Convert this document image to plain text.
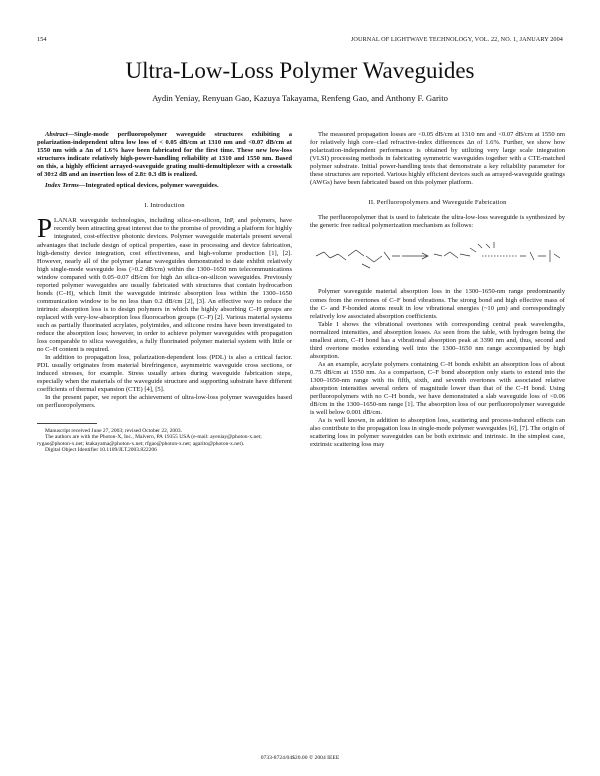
154	JOURNAL OF LIGHTWAVE TECHNOLOGY, VOL. 22, NO. 1, JANUARY 2004
Ultra-Low-Loss Polymer Waveguides
Aydin Yeniay, Renyuan Gao, Kazuya Takayama, Renfeng Gao, and Anthony F. Garito

Abstract—Single-mode perfluoropolymer waveguide structures exhibiting a polarization-independent ultra low loss of < 0.05 dB/cm at 1310 nm and <0.07 dB/cm at 1550 nm with a Δn of 1.6% have been fabricated for the first time. These new low-loss structures indicate relatively high-power-handling reliability at 1310 and 1550 nm. Based on this, a highly efficient arrayed-waveguide grating multi-demultiplexer with a crosstalk of 30±2 dB and an insertion loss of 2.8± 0.3 dB is realized.

Index Terms—Integrated optical devices, polymer waveguides.

I. Introduction

PLANAR waveguide technologies, including silica-on-silicon, InP, and polymers, have recently been attracting great interest due to the promise of providing a platform for highly integrated, cost-effective photonic devices. Polymer waveguide materials present several advantages that include design of optical properties, ease in processing and device fabrication, high-density device integration, cost effectiveness, and high-volume production [1], [2]. However, nearly all of the polymer planar waveguides demonstrated to date exhibit relatively high single-mode waveguide loss (>0.2 dB/cm) within the 1300–1650 nm telecommunications window compared with 0.05–0.07 dB/cm for high Δn silica-on-silicon waveguides. Previously reported polymer waveguides are usually fabricated with structures that contain hydrocarbon bonds (C–H), which limit the waveguide intrinsic absorption loss within the 1300–1650 communication window to be no less than 0.2 dB/cm [2], [3]. An effective way to reduce the intrinsic absorption loss is to design polymers in which the highly absorbing C–H groups are replaced with very-low-absorption loss fluorocarbon groups (C–F) [2]. Various material systems such as partially fluorinated acrylates, polyimides, and silicone resins have been investigated to reduce the absorption loss; however, in order to achieve polymer waveguides with propagation loss comparable to silica waveguides, a fully fluorinated polymer material system with little or no C–H content is required.

In addition to propagation loss, polarization-dependent loss (PDL) is also a critical factor. PDL usually originates from material birefringence, asymmetric waveguide cross sections, or induced stresses, for example. Stress usually arises during waveguide fabrication steps, especially when the materials of the waveguide structure and supporting substrate have different coefficients of thermal expansion (CTE) [4], [5].

In the present paper, we report the achievement of ultra-low-loss polymer waveguides based on perfluoropolymers.

Manuscript received June 27, 2003; revised October 22, 2003.

The authors are with the Photon-X, Inc., Malvern, PA 19355 USA (e-mail: ayeniay@photon-x.net; rygao@photon-x.net; ktakayama@photon-x.net; rfgao@photon-x.net; agarito@photon-x.net).

Digital Object Identifier 10.1109/JLT.2003.822206

The measured propagation losses are <0.05 dB/cm at 1310 nm and <0.07 dB/cm at 1550 nm for relatively high core–clad refractive-index differences Δn of 1.6%. Further, we show how polarization-independent performance is obtained by utilizing very large scale integration (VLSI) processing methods in fabricating symmetric waveguides together with a CTE-matched polymer substrate. Initial power-handling tests that demonstrate a key reliability parameter for these structures are reported. Various highly efficient devices such as arrayed-waveguide gratings (AWGs) have been fabricated based on this polymer platform.

II. Perfluoropolymers and Waveguide Fabrication

The perfluoropolymer that is used to fabricate the ultra-low-loss waveguide is synthesized by the generic free radical polymerization mechanism as follows:

Polymer waveguide material absorption loss in the 1300–1650-nm range predominantly comes from the overtones of C–F bond vibrations. The strong bond and high effective mass of the C- and F-bonded atoms result in low vibrational energies (~10 μm) and correspondingly relatively low associated absorption coefficients.

Table I shows the vibrational overtones with corresponding central peak wavelengths, normalized intensities, and absorption losses. As seen from the table, with hydrogen being the smallest atom, C–H bond has a vibrational absorption peak at 3390 nm and, thus, second and third overtone modes extending well into the 1300–1650 nm range accompanied by high absorption.

As an example, acrylate polymers containing C–H bonds exhibit an absorption loss of about 0.75 dB/cm at 1550 nm. As a comparison, C–F bond absorption only starts to extend into the 1300–1650-nm range with its fifth, sixth, and seventh overtones with associated relative absorption intensities several orders of magnitude lower than that of the C–H bond. Using perfluoropolymers with no C–H bonds, we have demonstrated a slab waveguide loss of <0.06 dB/cm in the 1300–1650-nm range [1]. The absorption loss of our perfluoropolymer waveguide is well below 0.001 dB/cm.

As is well known, in addition to absorption loss, scattering and process-induced effects can also contribute to the propagation loss in single-mode polymer waveguides [6], [7]. The origin of scattering loss in polymer waveguides can be both extrinsic and intrinsic. In the simplest case, extrinsic scattering loss may

0733-8724/04$20.00 © 2004 IEEE
